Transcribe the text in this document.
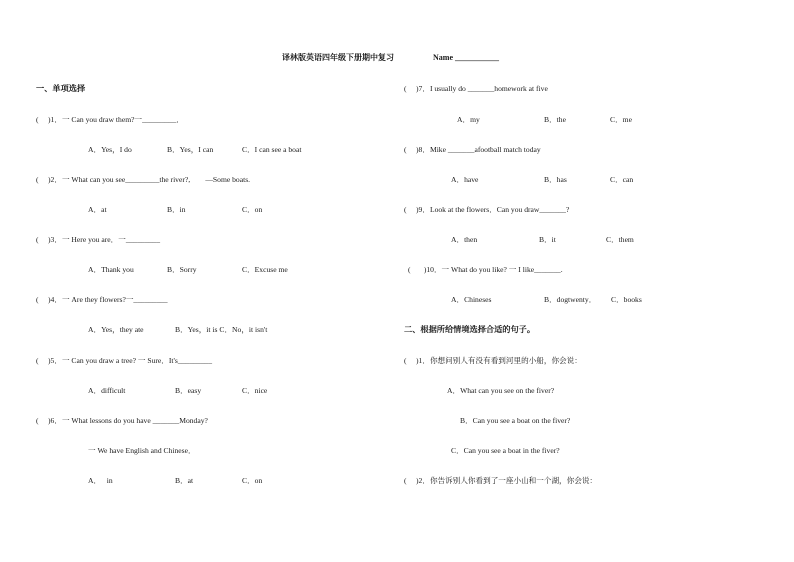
译林版英语四年级下册期中复习	Name ___________
一、单项选择
(     )1．一 Can you draw them?一_________．
A．Yes，I do	B．Yes，I can	C．I can see a boat
(     )2．一 What can you see_________the river?,        —Some boats.
A．at	B．in	C．on
(     )3．一 Here you are．一_________
A．Thank you	B．Sorry	C．Excuse me
(     )4．一 Are they flowers?一_________
A．Yes，they ate	B．Yes，it is C．No，it isn't
(     )5．一 Can you draw a tree? 一 Sure．It's_________
A．difficult	B．easy	C．nice
(     )6．一 What lessons do you have _______Monday?
一 We have English and Chinese．
A．   in	B．at	C．on
(     )7．I usually do _______homework at five
A．my	B．the	C．me
(     )8．Mike _______afootball match today
A．have	B．has	C．can
(     )9．Look at the flowers．Can you draw_______?
A．then	B．it	C．them
(       )10．一 What do you like? 一 I like_______.
A．Chineses	B．dogtwenty． C．books
二、根据所给情境选择合适的句子。
(     )1．你想问别人有没有看到河里的小船，你会说：
A．What can you see on the fiver?
B．Can you see a boat on the fiver?
C．Can you see a boat in the fiver?
(     )2．你告诉别人你看到了一座小山和一个湖，你会说：
